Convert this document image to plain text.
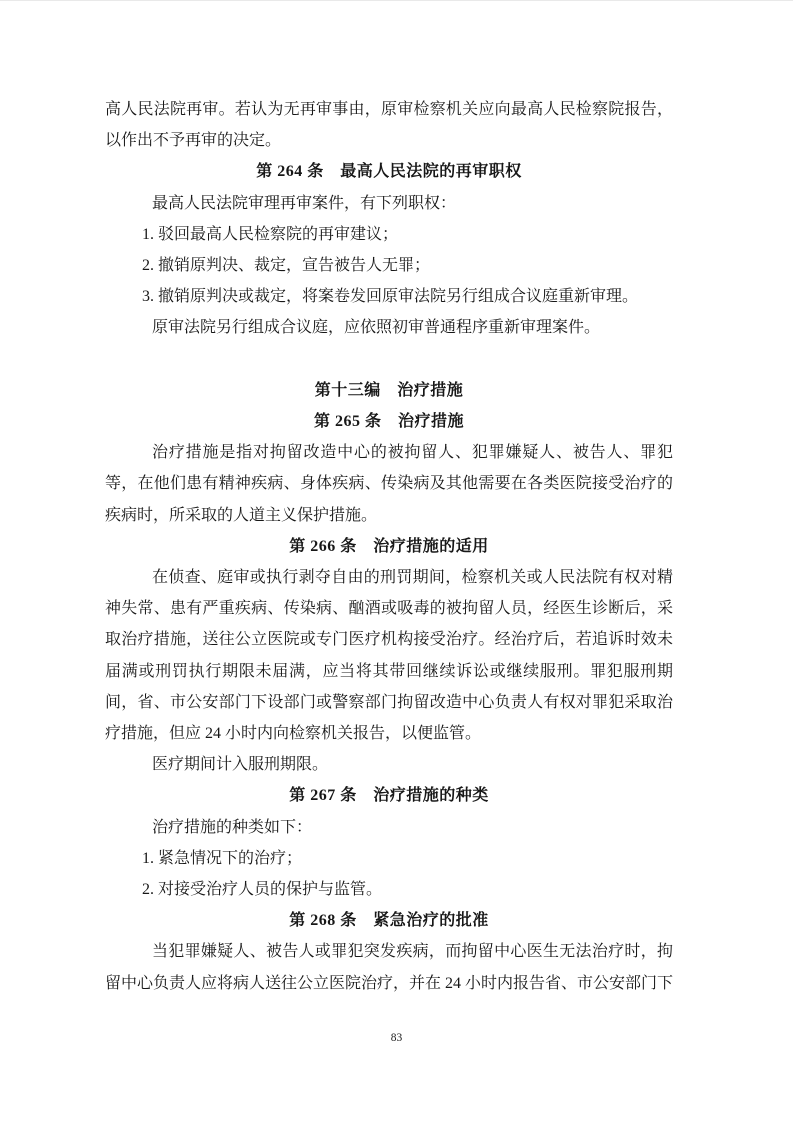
高人民法院再审。若认为无再审事由，原审检察机关应向最高人民检察院报告，以作出不予再审的决定。

第 264 条　最高人民法院的再审职权

最高人民法院审理再审案件，有下列职权：

1. 驳回最高人民检察院的再审建议；

2. 撤销原判决、裁定，宣告被告人无罪；

3. 撤销原判决或裁定，将案卷发回原审法院另行组成合议庭重新审理。

原审法院另行组成合议庭，应依照初审普通程序重新审理案件。

第十三编　治疗措施

第 265 条　治疗措施

治疗措施是指对拘留改造中心的被拘留人、犯罪嫌疑人、被告人、罪犯等，在他们患有精神疾病、身体疾病、传染病及其他需要在各类医院接受治疗的疾病时，所采取的人道主义保护措施。

第 266 条　治疗措施的适用

在侦查、庭审或执行剥夺自由的刑罚期间，检察机关或人民法院有权对精神失常、患有严重疾病、传染病、酗酒或吸毒的被拘留人员，经医生诊断后，采取治疗措施，送往公立医院或专门医疗机构接受治疗。经治疗后，若追诉时效未届满或刑罚执行期限未届满，应当将其带回继续诉讼或继续服刑。罪犯服刑期间，省、市公安部门下设部门或警察部门拘留改造中心负责人有权对罪犯采取治疗措施，但应 24 小时内向检察机关报告，以便监管。

医疗期间计入服刑期限。

第 267 条　治疗措施的种类

治疗措施的种类如下：

1. 紧急情况下的治疗；

2. 对接受治疗人员的保护与监管。

第 268 条　紧急治疗的批准

当犯罪嫌疑人、被告人或罪犯突发疾病，而拘留中心医生无法治疗时，拘留中心负责人应将病人送往公立医院治疗，并在 24 小时内报告省、市公安部门下

83
